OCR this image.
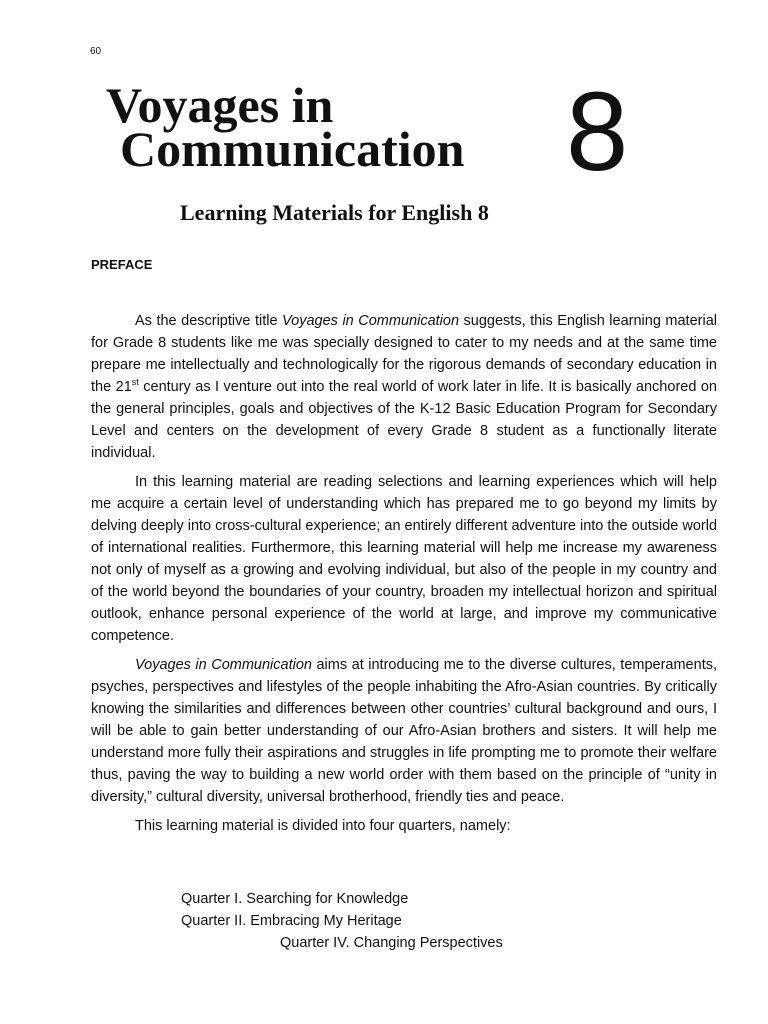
60
Voyages in
Communication 8
Learning Materials for English 8
PREFACE

As the descriptive title Voyages in Communication suggests, this English learning material for Grade 8 students like me was specially designed to cater to my needs and at the same time prepare me intellectually and technologically for the rigorous demands of secondary education in the 21st century as I venture out into the real world of work later in life. It is basically anchored on the general principles, goals and objectives of the K-12 Basic Education Program for Secondary Level and centers on the development of every Grade 8 student as a functionally literate individual.

In this learning material are reading selections and learning experiences which will help me acquire a certain level of understanding which has prepared me to go beyond my limits by delving deeply into cross-cultural experience; an entirely different adventure into the outside world of international realities. Furthermore, this learning material will help me increase my awareness not only of myself as a growing and evolving individual, but also of the people in my country and of the world beyond the boundaries of your country, broaden my intellectual horizon and spiritual outlook, enhance personal experience of the world at large, and improve my communicative competence.

Voyages in Communication aims at introducing me to the diverse cultures, temperaments, psyches, perspectives and lifestyles of the people inhabiting the Afro-Asian countries. By critically knowing the similarities and differences between other countries’ cultural background and ours, I will be able to gain better understanding of our Afro-Asian brothers and sisters. It will help me understand more fully their aspirations and struggles in life prompting me to promote their welfare thus, paving the way to building a new world order with them based on the principle of “unity in diversity,” cultural diversity, universal brotherhood, friendly ties and peace.

This learning material is divided into four quarters, namely:

Quarter I. Searching for Knowledge
Quarter II. Embracing My Heritage
Quarter IV. Changing Perspectives
